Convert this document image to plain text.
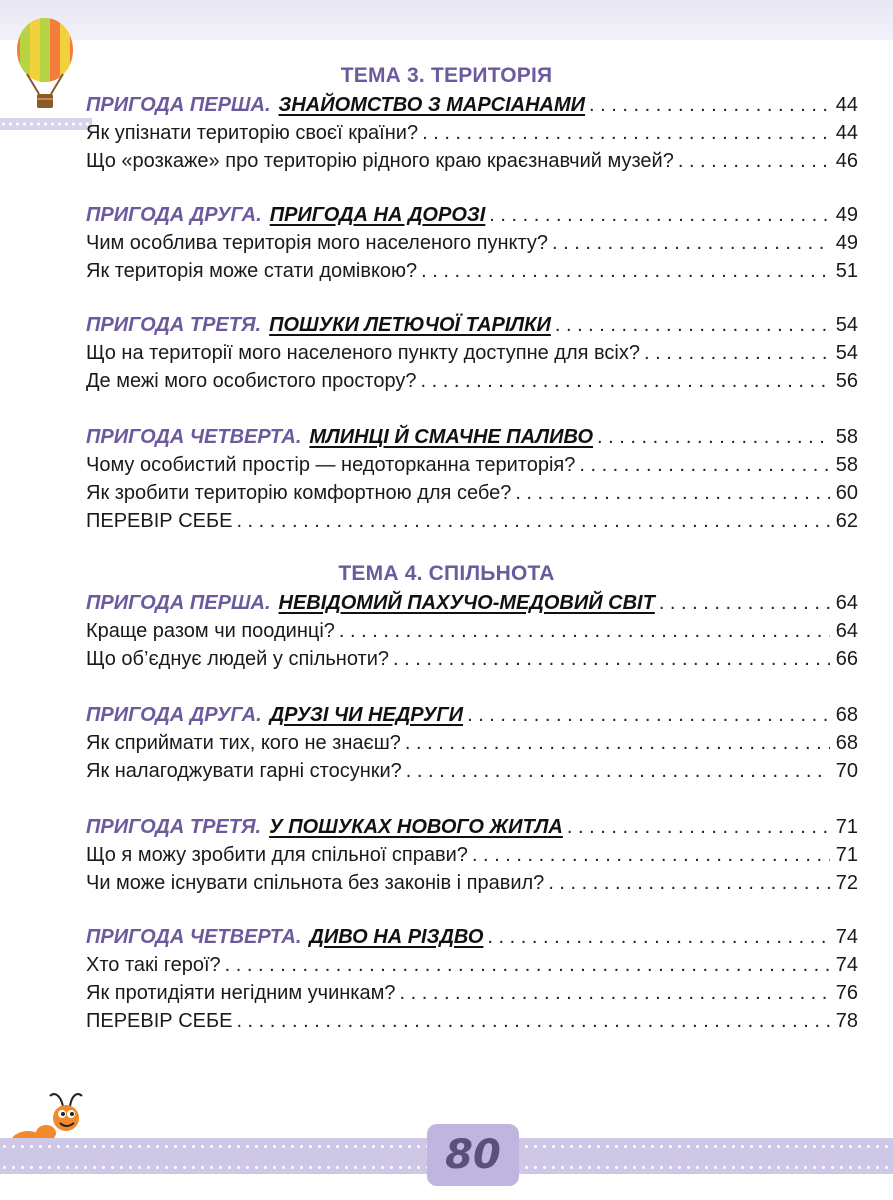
ТЕМА 3. ТЕРИТОРІЯ
ПРИГОДА ПЕРША. ЗНАЙОМСТВО З МАРСІАНАМИ . . .	44
Як упізнати територію своєї країни? . . .	44
Що «розкаже» про територію рідного краю краєзнавчий музей? . . .	46
ПРИГОДА ДРУГА. ПРИГОДА НА ДОРОЗІ . . .	49
Чим особлива територія мого населеного пункту? . . .	49
Як територія може стати домівкою? . . .	51
ПРИГОДА ТРЕТЯ. ПОШУКИ ЛЕТЮЧОЇ ТАРІЛКИ . . .	54
Що на території мого населеного пункту доступне для всіх? . . .	54
Де межі мого особистого простору? . . .	56
ПРИГОДА ЧЕТВЕРТА. МЛИНЦІ Й СМАЧНЕ ПАЛИВО . . .	58
Чому особистий простір — недоторканна територія? . . .	58
Як зробити територію комфортною для себе? . . .	60
ПЕРЕВІР СЕБЕ . . .	62
ТЕМА 4. СПІЛЬНОТА
ПРИГОДА ПЕРША. НЕВІДОМИЙ ПАХУЧО-МЕДОВИЙ СВІТ . . .	64
Краще разом чи поодинці? . . .	64
Що об’єднує людей у спільноти? . . .	66
ПРИГОДА ДРУГА. ДРУЗІ ЧИ НЕДРУГИ . . .	68
Як сприймати тих, кого не знаєш? . . .	68
Як налагоджувати гарні стосунки? . . .	70
ПРИГОДА ТРЕТЯ. У ПОШУКАХ НОВОГО ЖИТЛА . . .	71
Що я можу зробити для спільної справи? . . .	71
Чи може існувати спільнота без законів і правил? . . .	72
ПРИГОДА ЧЕТВЕРТА. ДИВО НА РІЗДВО . . .	74
Хто такі герої? . . .	74
Як протидіяти негідним учинкам? . . .	76
ПЕРЕВІР СЕБЕ . . .	78
80
